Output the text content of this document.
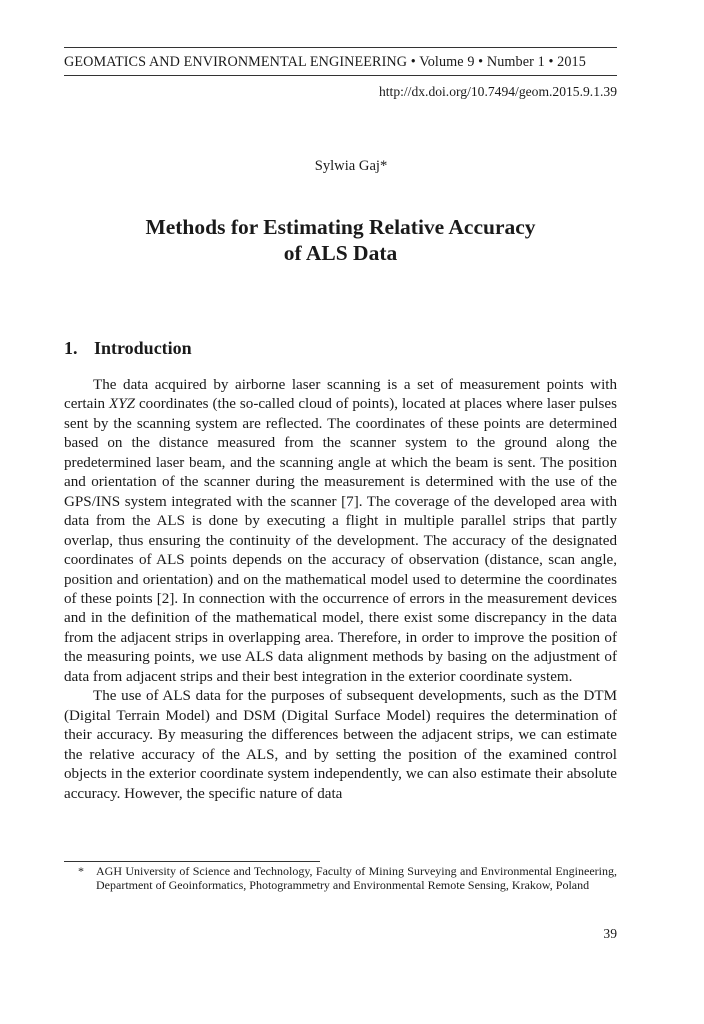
GEOMATICS AND ENVIRONMENTAL ENGINEERING • Volume 9 • Number 1 • 2015
http://dx.doi.org/10.7494/geom.2015.9.1.39
Sylwia Gaj*
Methods for Estimating Relative Accuracy
of ALS Data
1. Introduction

The data acquired by airborne laser scanning is a set of measurement points with certain XYZ coordinates (the so-called cloud of points), located at places where laser pulses sent by the scanning system are reflected. The coordinates of these points are determined based on the distance measured from the scanner system to the ground along the predetermined laser beam, and the scanning angle at which the beam is sent. The position and orientation of the scanner during the measurement is determined with the use of the GPS/INS system integrated with the scanner [7]. The coverage of the developed area with data from the ALS is done by executing a flight in multiple parallel strips that partly overlap, thus ensuring the continuity of the development. The accuracy of the designated coordinates of ALS points depends on the accuracy of observation (distance, scan angle, position and orientation) and on the mathematical model used to determine the coordinates of these points [2]. In connection with the occurrence of errors in the measurement devices and in the definition of the mathematical model, there exist some discrepancy in the data from the adjacent strips in overlapping area. Therefore, in order to improve the position of the measuring points, we use ALS data alignment methods by basing on the adjustment of data from adjacent strips and their best integration in the exterior coordinate system.

The use of ALS data for the purposes of subsequent developments, such as the DTM (Digital Terrain Model) and DSM (Digital Surface Model) requires the determination of their accuracy. By measuring the differences between the adjacent strips, we can estimate the relative accuracy of the ALS, and by setting the position of the examined control objects in the exterior coordinate system independently, we can also estimate their absolute accuracy. However, the specific nature of data

*	AGH University of Science and Technology, Faculty of Mining Surveying and Environmental Engineering, Department of Geoinformatics, Photogrammetry and Environmental Remote Sensing, Krakow, Poland
39
